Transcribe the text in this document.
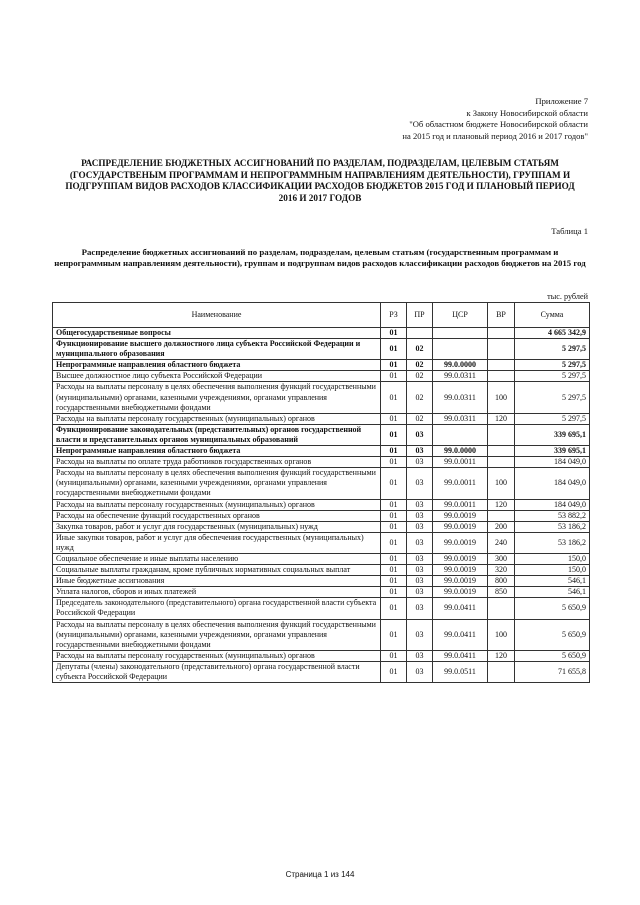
Приложение 7
к Закону Новосибирской области
"Об областном бюджете Новосибирской области
на 2015 год и плановый период 2016 и 2017 годов"
РАСПРЕДЕЛЕНИЕ БЮДЖЕТНЫХ АССИГНОВАНИЙ ПО РАЗДЕЛАМ, ПОДРАЗДЕЛАМ, ЦЕЛЕВЫМ СТАТЬЯМ (ГОСУДАРСТВЕНЫМ ПРОГРАММАМ И НЕПРОГРАММНЫМ НАПРАВЛЕНИЯМ ДЕЯТЕЛЬНОСТИ), ГРУППАМ И ПОДГРУППАМ ВИДОВ РАСХОДОВ КЛАССИФИКАЦИИ РАСХОДОВ БЮДЖЕТОВ 2015 ГОД И ПЛАНОВЫЙ ПЕРИОД 2016 И 2017 ГОДОВ
Таблица 1
Распределение бюджетных ассигнований по разделам, подразделам, целевым статьям (государственным программам и непрограммным направлениям деятельности), группам и подгруппам видов расходов классификации расходов бюджетов на 2015 год
тыс. рублей
Наименование	РЗ	ПР	ЦСР	ВР	Сумма
Общегосударственные вопросы	01				4 665 342,9
Функционирование высшего должностного лица субъекта Российской Федерации и муниципального образования	01	02			5 297,5
Непрограммные направления областного бюджета	01	02	99.0.0000		5 297,5
Высшее должностное лицо субъекта Российской Федерации	01	02	99.0.0311		5 297,5
Расходы на выплаты персоналу в целях обеспечения выполнения функций государственными (муниципальными) органами, казенными учреждениями, органами управления государственными внебюджетными фондами	01	02	99.0.0311	100	5 297,5
Расходы на выплаты персоналу государственных (муниципальных) органов	01	02	99.0.0311	120	5 297,5
Функционирование законодательных (представительных) органов государственной власти и представительных органов муниципальных образований	01	03			339 695,1
Непрограммные направления областного бюджета	01	03	99.0.0000		339 695,1
Расходы на выплаты по оплате труда работников государственных органов	01	03	99.0.0011		184 049,0
Расходы на выплаты персоналу в целях обеспечения выполнения функций государственными (муниципальными) органами, казенными учреждениями, органами управления государственными внебюджетными фондами	01	03	99.0.0011	100	184 049,0
Расходы на выплаты персоналу государственных (муниципальных) органов	01	03	99.0.0011	120	184 049,0
Расходы на обеспечение функций государственных органов	01	03	99.0.0019		53 882,2
Закупка товаров, работ и услуг для государственных (муниципальных) нужд	01	03	99.0.0019	200	53 186,2
Иные закупки товаров, работ и услуг для обеспечения государственных (муниципальных) нужд	01	03	99.0.0019	240	53 186,2
Социальное обеспечение и иные выплаты населению	01	03	99.0.0019	300	150,0
Социальные выплаты гражданам, кроме публичных нормативных социальных выплат	01	03	99.0.0019	320	150,0
Иные бюджетные ассигнования	01	03	99.0.0019	800	546,1
Уплата налогов, сборов и иных платежей	01	03	99.0.0019	850	546,1
Председатель законодательного (представительного) органа государственной власти субъекта Российской Федерации	01	03	99.0.0411		5 650,9
Расходы на выплаты персоналу в целях обеспечения выполнения функций государственными (муниципальными) органами, казенными учреждениями, органами управления государственными внебюджетными фондами	01	03	99.0.0411	100	5 650,9
Расходы на выплаты персоналу государственных (муниципальных) органов	01	03	99.0.0411	120	5 650,9
Депутаты (члены) законодательного (представительного) органа государственной власти субъекта Российской Федерации	01	03	99.0.0511		71 655,8
Страница 1 из 144
